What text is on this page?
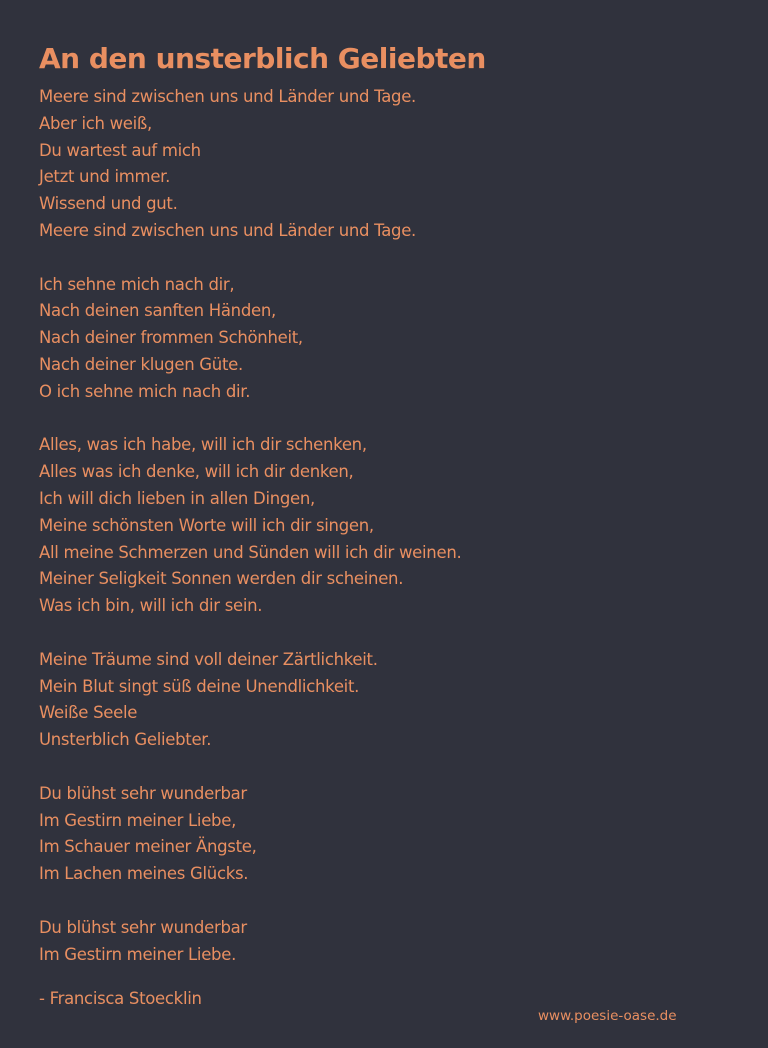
An den unsterblich Geliebten
Meere sind zwischen uns und Länder und Tage.
Aber ich weiß,
Du wartest auf mich
Jetzt und immer.
Wissend und gut.
Meere sind zwischen uns und Länder und Tage.
Ich sehne mich nach dir,
Nach deinen sanften Händen,
Nach deiner frommen Schönheit,
Nach deiner klugen Güte.
O ich sehne mich nach dir.
Alles, was ich habe, will ich dir schenken,
Alles was ich denke, will ich dir denken,
Ich will dich lieben in allen Dingen,
Meine schönsten Worte will ich dir singen,
All meine Schmerzen und Sünden will ich dir weinen.
Meiner Seligkeit Sonnen werden dir scheinen.
Was ich bin, will ich dir sein.
Meine Träume sind voll deiner Zärtlichkeit.
Mein Blut singt süß deine Unendlichkeit.
Weiße Seele
Unsterblich Geliebter.
Du blühst sehr wunderbar
Im Gestirn meiner Liebe,
Im Schauer meiner Ängste,
Im Lachen meines Glücks.
Du blühst sehr wunderbar
Im Gestirn meiner Liebe.
- Francisca Stoecklin
www.poesie-oase.de
